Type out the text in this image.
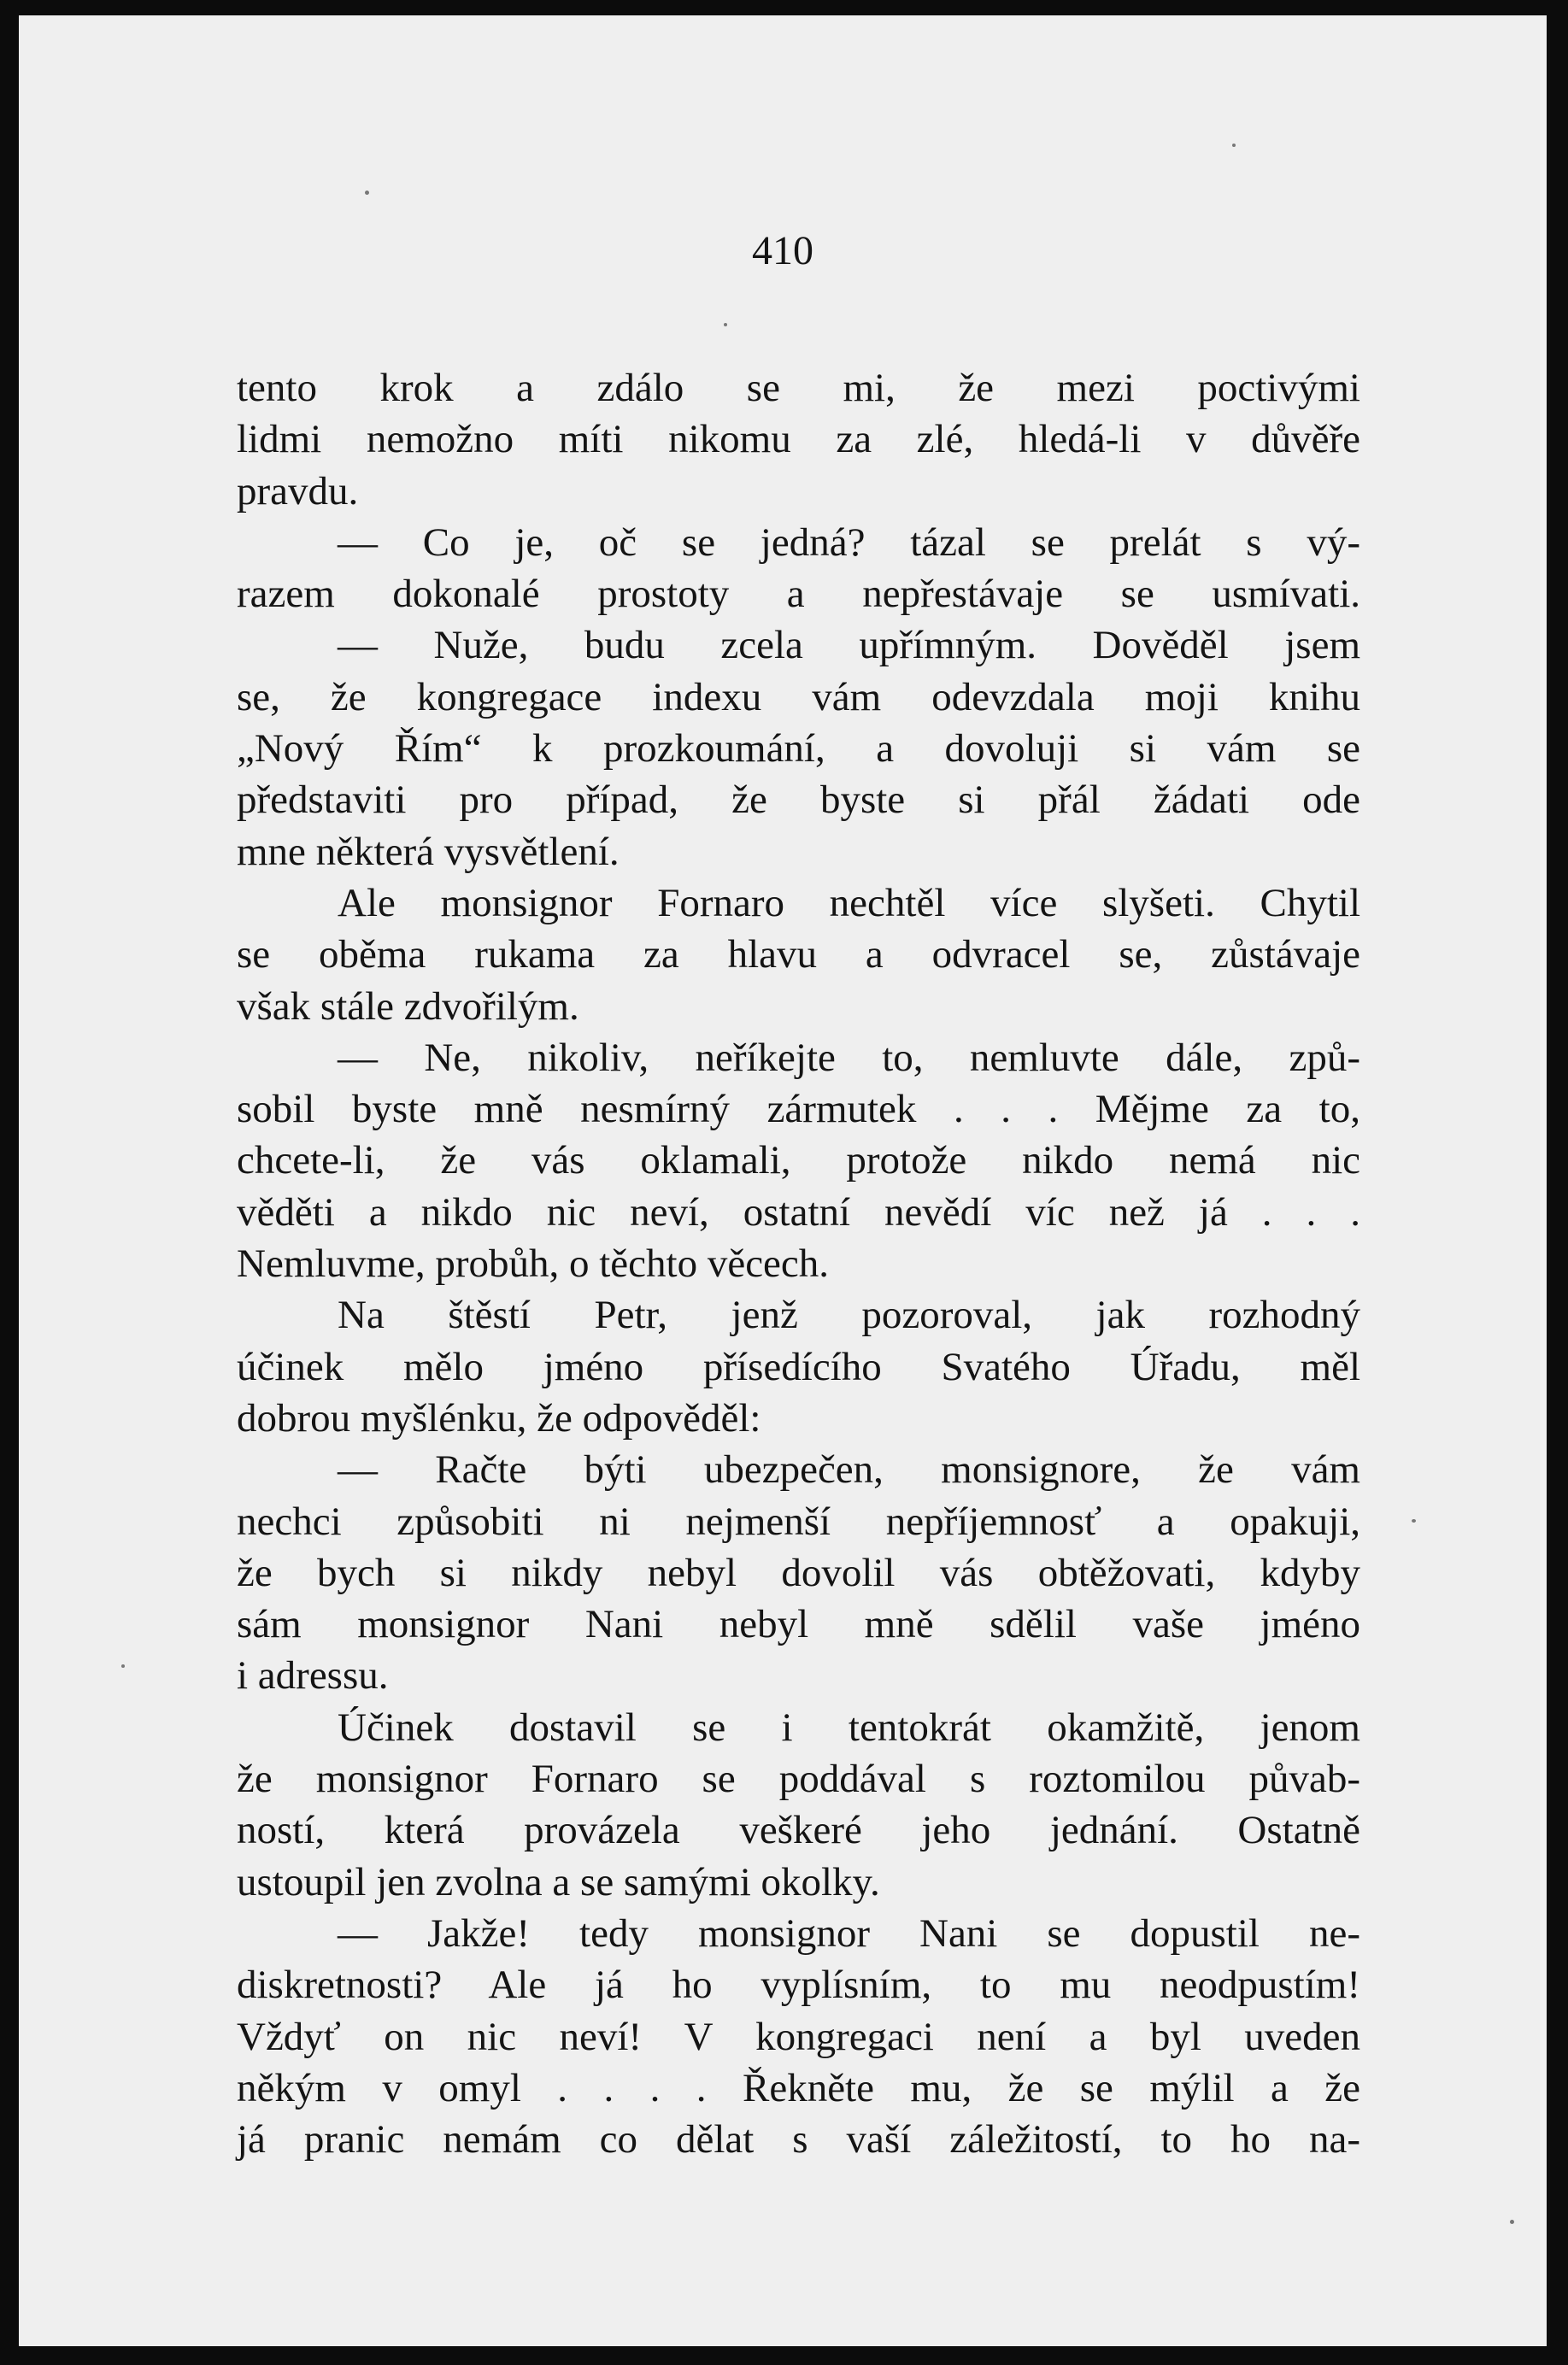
410
tento krok a zdálo se mi, že mezi poctivými
lidmi nemožno míti nikomu za zlé, hledá-li v důvěře
pravdu.
— Co je, oč se jedná? tázal se prelát s vý-
razem dokonalé prostoty a nepřestávaje se usmívati.
— Nuže, budu zcela upřímným. Dověděl jsem
se, že kongregace indexu vám odevzdala moji knihu
„Nový Řím“ k prozkoumání, a dovoluji si vám se
představiti pro případ, že byste si přál žádati ode
mne některá vysvětlení.
Ale monsignor Fornaro nechtěl více slyšeti. Chytil
se oběma rukama za hlavu a odvracel se, zůstávaje
však stále zdvořilým.
— Ne, nikoliv, neříkejte to, nemluvte dále, způ-
sobil byste mně nesmírný zármutek . . . Mějme za to,
chcete-li, že vás oklamali, protože nikdo nemá nic
věděti a nikdo nic neví, ostatní nevědí víc než já . . .
Nemluvme, probůh, o těchto věcech.
Na štěstí Petr, jenž pozoroval, jak rozhodný
účinek mělo jméno přísedícího Svatého Úřadu, měl
dobrou myšlénku, že odpověděl:
— Račte býti ubezpečen, monsignore, že vám
nechci způsobiti ni nejmenší nepříjemnosť a opakuji,
že bych si nikdy nebyl dovolil vás obtěžovati, kdyby
sám monsignor Nani nebyl mně sdělil vaše jméno
i adressu.
Účinek dostavil se i tentokrát okamžitě, jenom
že monsignor Fornaro se poddával s roztomilou půvab-
ností, která provázela veškeré jeho jednání. Ostatně
ustoupil jen zvolna a se samými okolky.
— Jakže! tedy monsignor Nani se dopustil ne-
diskretnosti? Ale já ho vyplísním, to mu neodpustím!
Vždyť on nic neví! V kongregaci není a byl uveden
někým v omyl . . . . Řekněte mu, že se mýlil a že
já pranic nemám co dělat s vaší záležitostí, to ho na-
